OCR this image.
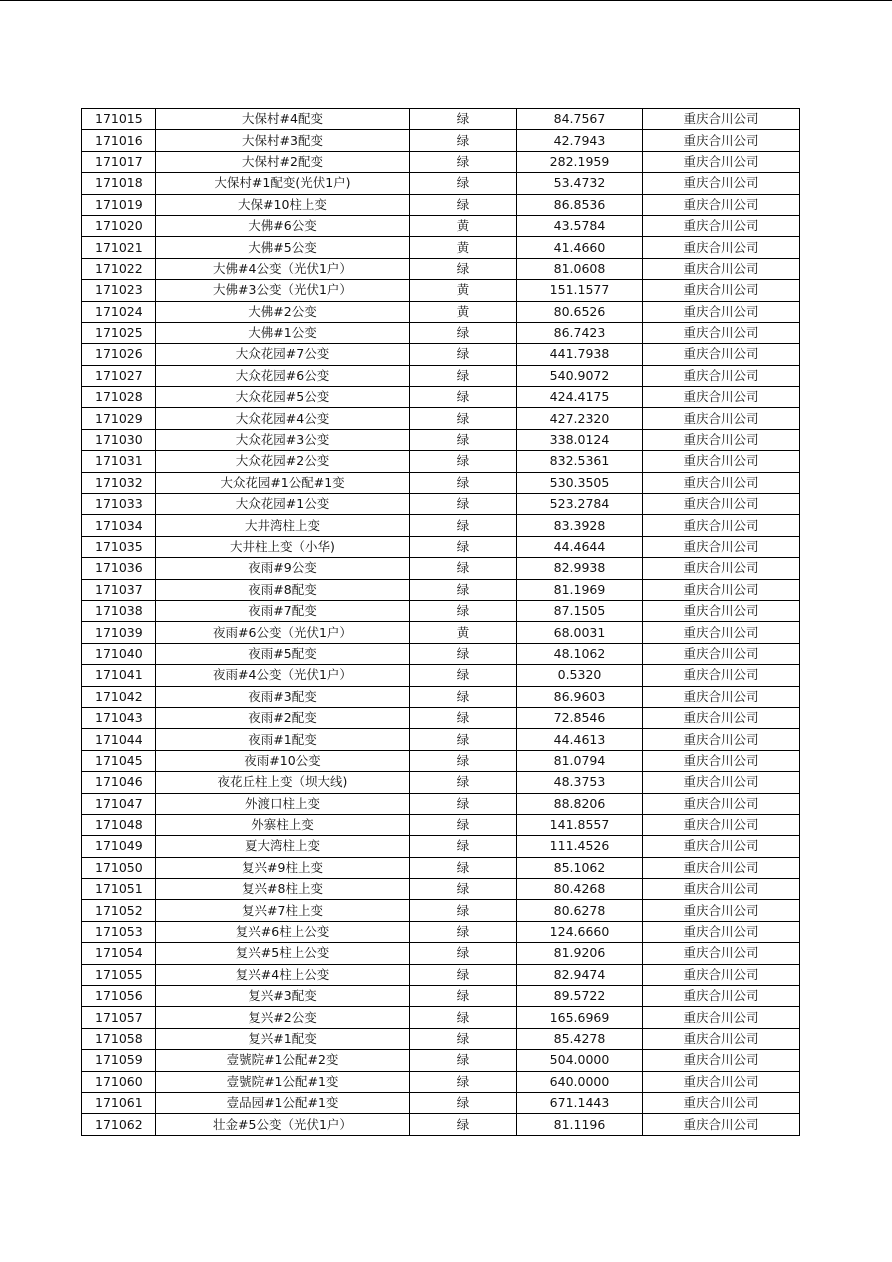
171015	大保村#4配变	绿	84.7567	重庆合川公司
171016	大保村#3配变	绿	42.7943	重庆合川公司
171017	大保村#2配变	绿	282.1959	重庆合川公司
171018	大保村#1配变(光伏1户)	绿	53.4732	重庆合川公司
171019	大保#10柱上变	绿	86.8536	重庆合川公司
171020	大佛#6公变	黄	43.5784	重庆合川公司
171021	大佛#5公变	黄	41.4660	重庆合川公司
171022	大佛#4公变（光伏1户）	绿	81.0608	重庆合川公司
171023	大佛#3公变（光伏1户）	黄	151.1577	重庆合川公司
171024	大佛#2公变	黄	80.6526	重庆合川公司
171025	大佛#1公变	绿	86.7423	重庆合川公司
171026	大众花园#7公变	绿	441.7938	重庆合川公司
171027	大众花园#6公变	绿	540.9072	重庆合川公司
171028	大众花园#5公变	绿	424.4175	重庆合川公司
171029	大众花园#4公变	绿	427.2320	重庆合川公司
171030	大众花园#3公变	绿	338.0124	重庆合川公司
171031	大众花园#2公变	绿	832.5361	重庆合川公司
171032	大众花园#1公配#1变	绿	530.3505	重庆合川公司
171033	大众花园#1公变	绿	523.2784	重庆合川公司
171034	大井湾柱上变	绿	83.3928	重庆合川公司
171035	大井柱上变（小华)	绿	44.4644	重庆合川公司
171036	夜雨#9公变	绿	82.9938	重庆合川公司
171037	夜雨#8配变	绿	81.1969	重庆合川公司
171038	夜雨#7配变	绿	87.1505	重庆合川公司
171039	夜雨#6公变（光伏1户）	黄	68.0031	重庆合川公司
171040	夜雨#5配变	绿	48.1062	重庆合川公司
171041	夜雨#4公变（光伏1户）	绿	0.5320	重庆合川公司
171042	夜雨#3配变	绿	86.9603	重庆合川公司
171043	夜雨#2配变	绿	72.8546	重庆合川公司
171044	夜雨#1配变	绿	44.4613	重庆合川公司
171045	夜雨#10公变	绿	81.0794	重庆合川公司
171046	夜花丘柱上变（坝大线)	绿	48.3753	重庆合川公司
171047	外渡口柱上变	绿	88.8206	重庆合川公司
171048	外寨柱上变	绿	141.8557	重庆合川公司
171049	夏大湾柱上变	绿	111.4526	重庆合川公司
171050	复兴#9柱上变	绿	85.1062	重庆合川公司
171051	复兴#8柱上变	绿	80.4268	重庆合川公司
171052	复兴#7柱上变	绿	80.6278	重庆合川公司
171053	复兴#6柱上公变	绿	124.6660	重庆合川公司
171054	复兴#5柱上公变	绿	81.9206	重庆合川公司
171055	复兴#4柱上公变	绿	82.9474	重庆合川公司
171056	复兴#3配变	绿	89.5722	重庆合川公司
171057	复兴#2公变	绿	165.6969	重庆合川公司
171058	复兴#1配变	绿	85.4278	重庆合川公司
171059	壹號院#1公配#2变	绿	504.0000	重庆合川公司
171060	壹號院#1公配#1变	绿	640.0000	重庆合川公司
171061	壹品园#1公配#1变	绿	671.1443	重庆合川公司
171062	壮金#5公变（光伏1户）	绿	81.1196	重庆合川公司
